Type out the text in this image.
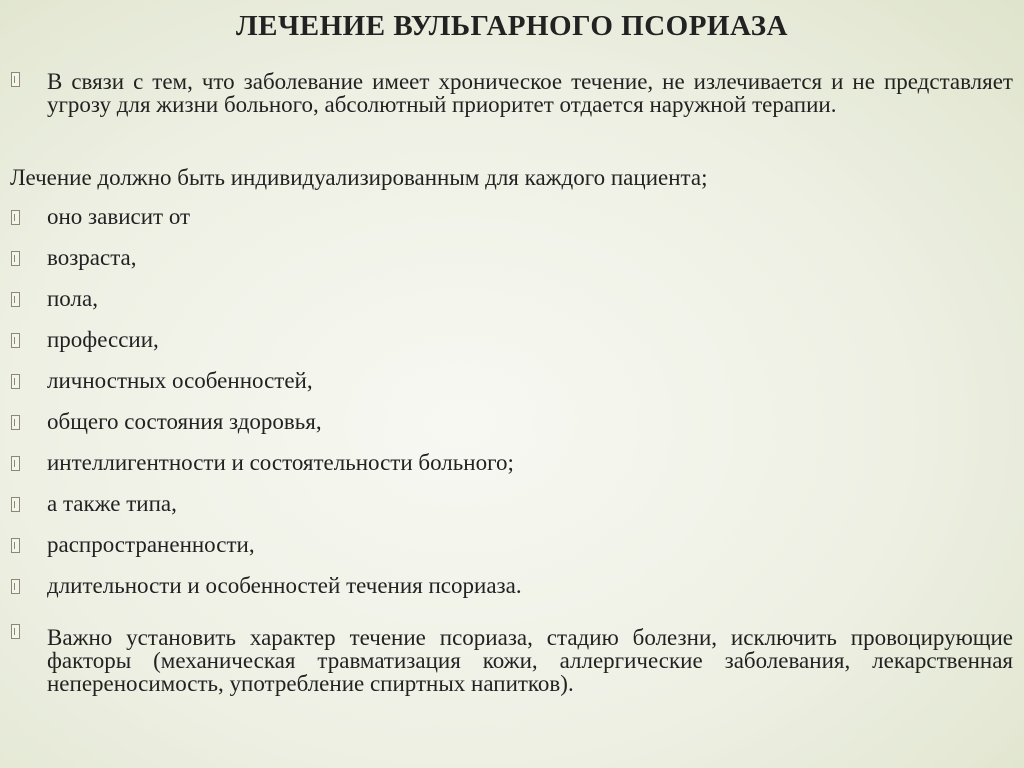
ЛЕЧЕНИЕ ВУЛЬГАРНОГО ПСОРИАЗА
В связи с тем, что заболевание имеет хроническое течение, не излечивается и не представляет угрозу для жизни больного, абсолютный приоритет отдается наружной терапии.
Лечение должно быть индивидуализированным для каждого пациента;
оно зависит от
возраста,
пола,
профессии,
личностных особенностей,
общего состояния здоровья,
интеллигентности и состоятельности больного;
а также типа,
распространенности,
длительности и особенностей течения псориаза.
Важно установить характер течение псориаза, стадию болезни, исключить провоцирующие факторы (механическая травматизация кожи, аллергические заболевания, лекарственная непереносимость, употребление спиртных напитков).
